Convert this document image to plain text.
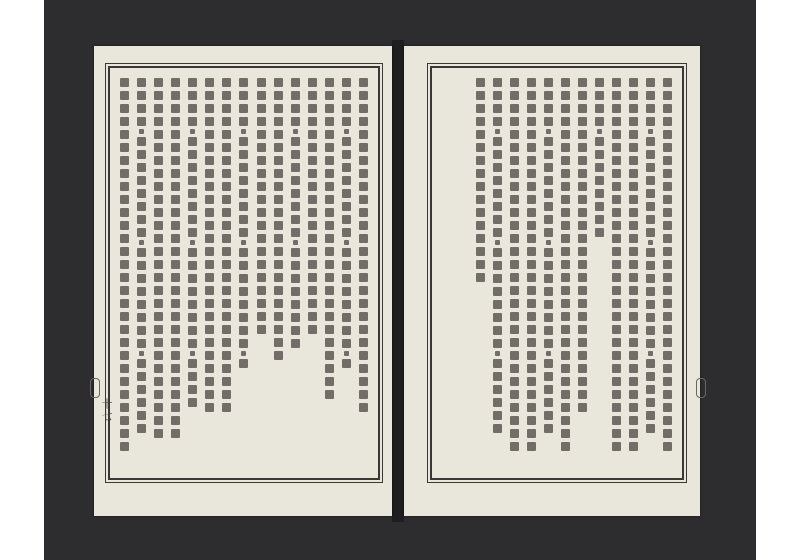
十七
